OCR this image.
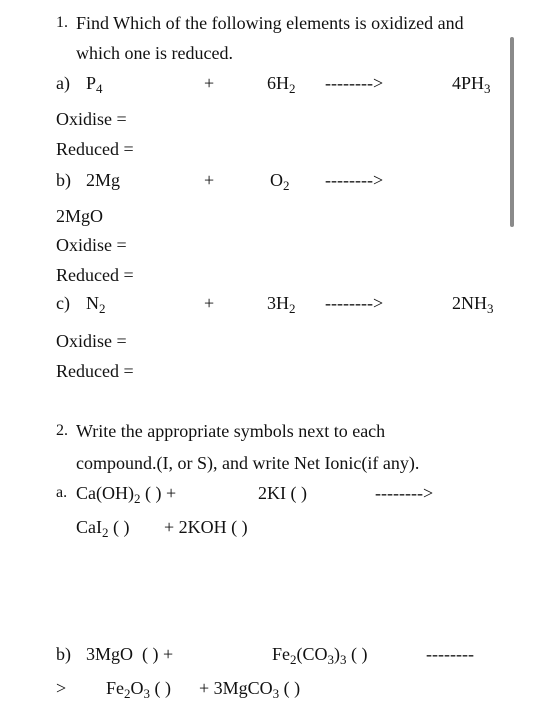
1. Find Which of the following elements is oxidized and
which one is reduced.
a) $P_4$	+	$6H_2$ -------->	$4PH_3$
Oxidise =
Reduced =
b) 2Mg	+	$O_2$ -------->
2MgO
Oxidise =
Reduced =
c) $N_2$	+	$3H_2$ -------->	$2NH_3$
Oxidise =
Reduced =
2. Write the appropriate symbols next to each
compound.(I, or S), and write Net Ionic(if any).
a. $Ca(OH)_2$ ( ) +	2KI ( )	-------->
CaI$_2$ ( ) + 2KOH ( )
b) 3MgO ( ) +	$Fe_2(CO_3)_3$ ( )	--------
> $Fe_2O_3$ ( ) + 3MgCO$_3$ ( )
